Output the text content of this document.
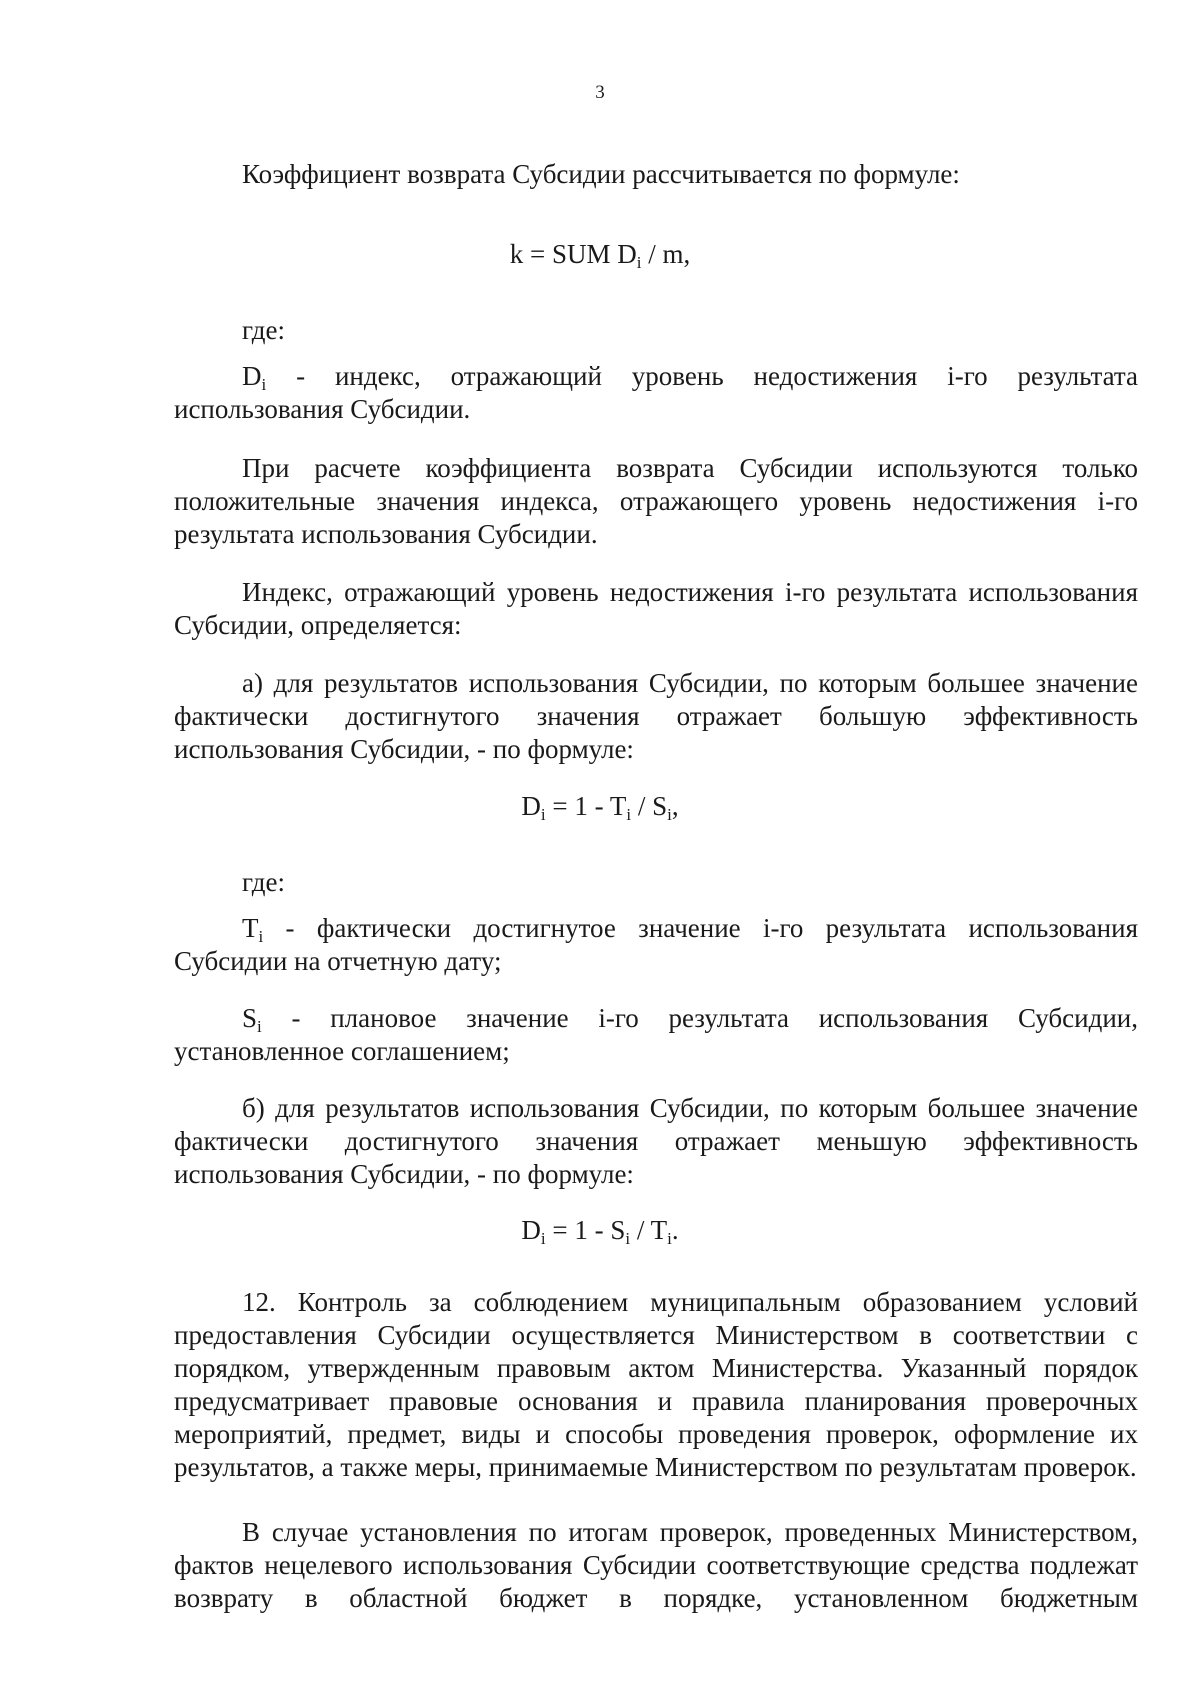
3
Коэффициент возврата Субсидии рассчитывается по формуле:
k = SUM $D_i$ / m,
где:
$D_i$ - индекс, отражающий уровень недостижения i-го результата использования Субсидии.
При расчете коэффициента возврата Субсидии используются только положительные значения индекса, отражающего уровень недостижения i-го результата использования Субсидии.
Индекс, отражающий уровень недостижения i-го результата использования Субсидии, определяется:
а) для результатов использования Субсидии, по которым большее значение фактически достигнутого значения отражает большую эффективность использования Субсидии, - по формуле:
$D_i = 1 - T_i / S_i$,
где:
$T_i$ - фактически достигнутое значение i-го результата использования Субсидии на отчетную дату;
$S_i$ - плановое значение i-го результата использования Субсидии, установленное соглашением;
б) для результатов использования Субсидии, по которым большее значение фактически достигнутого значения отражает меньшую эффективность использования Субсидии, - по формуле:
$D_i = 1 - S_i / T_i$.
12. Контроль за соблюдением муниципальным образованием условий предоставления Субсидии осуществляется Министерством в соответствии с порядком, утвержденным правовым актом Министерства. Указанный порядок предусматривает правовые основания и правила планирования проверочных мероприятий, предмет, виды и способы проведения проверок, оформление их результатов, а также меры, принимаемые Министерством по результатам проверок.
В случае установления по итогам проверок, проведенных Министерством, фактов нецелевого использования Субсидии соответствующие средства подлежат возврату в областной бюджет в порядке, установленном бюджетным
